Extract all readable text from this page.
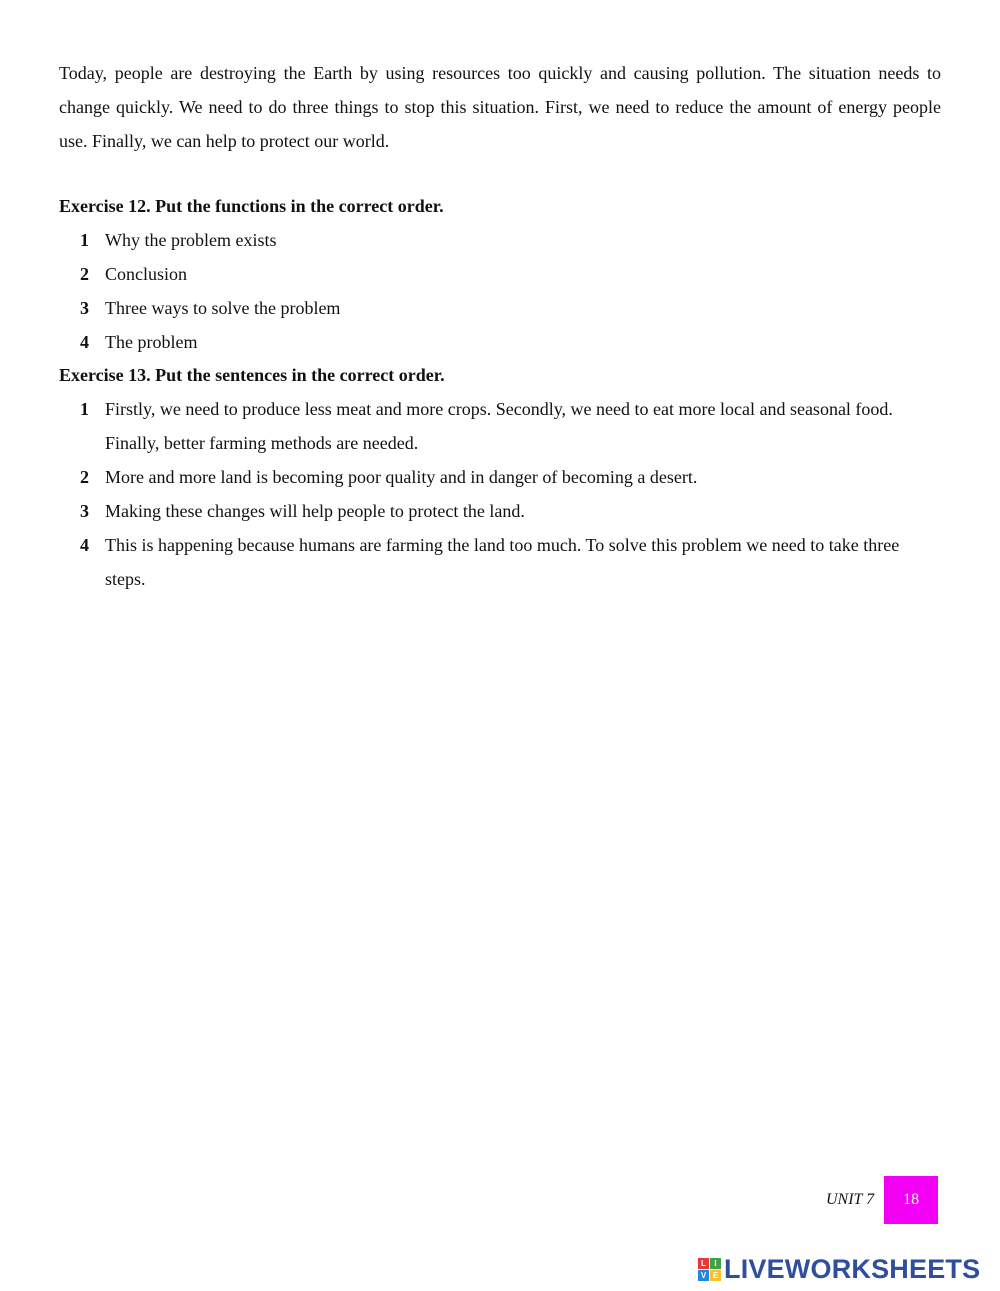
Today, people are destroying the Earth by using resources too quickly and causing pollution. The situation needs to change quickly. We need to do three things to stop this situation. First, we need to reduce the amount of energy people use. Finally, we can help to protect our world.

Exercise 12. Put the functions in the correct order.

1 Why the problem exists
2 Conclusion
3 Three ways to solve the problem
4 The problem

Exercise 13. Put the sentences in the correct order.

1 Firstly, we need to produce less meat and more crops. Secondly, we need to eat more local and seasonal food. Finally, better farming methods are needed.
2 More and more land is becoming poor quality and in danger of becoming a desert.
3 Making these changes will help people to protect the land.
4 This is happening because humans are farming the land too much. To solve this problem we need to take three steps.
UNIT 7 18
L	I
V E LIVEWORKSHEETS
